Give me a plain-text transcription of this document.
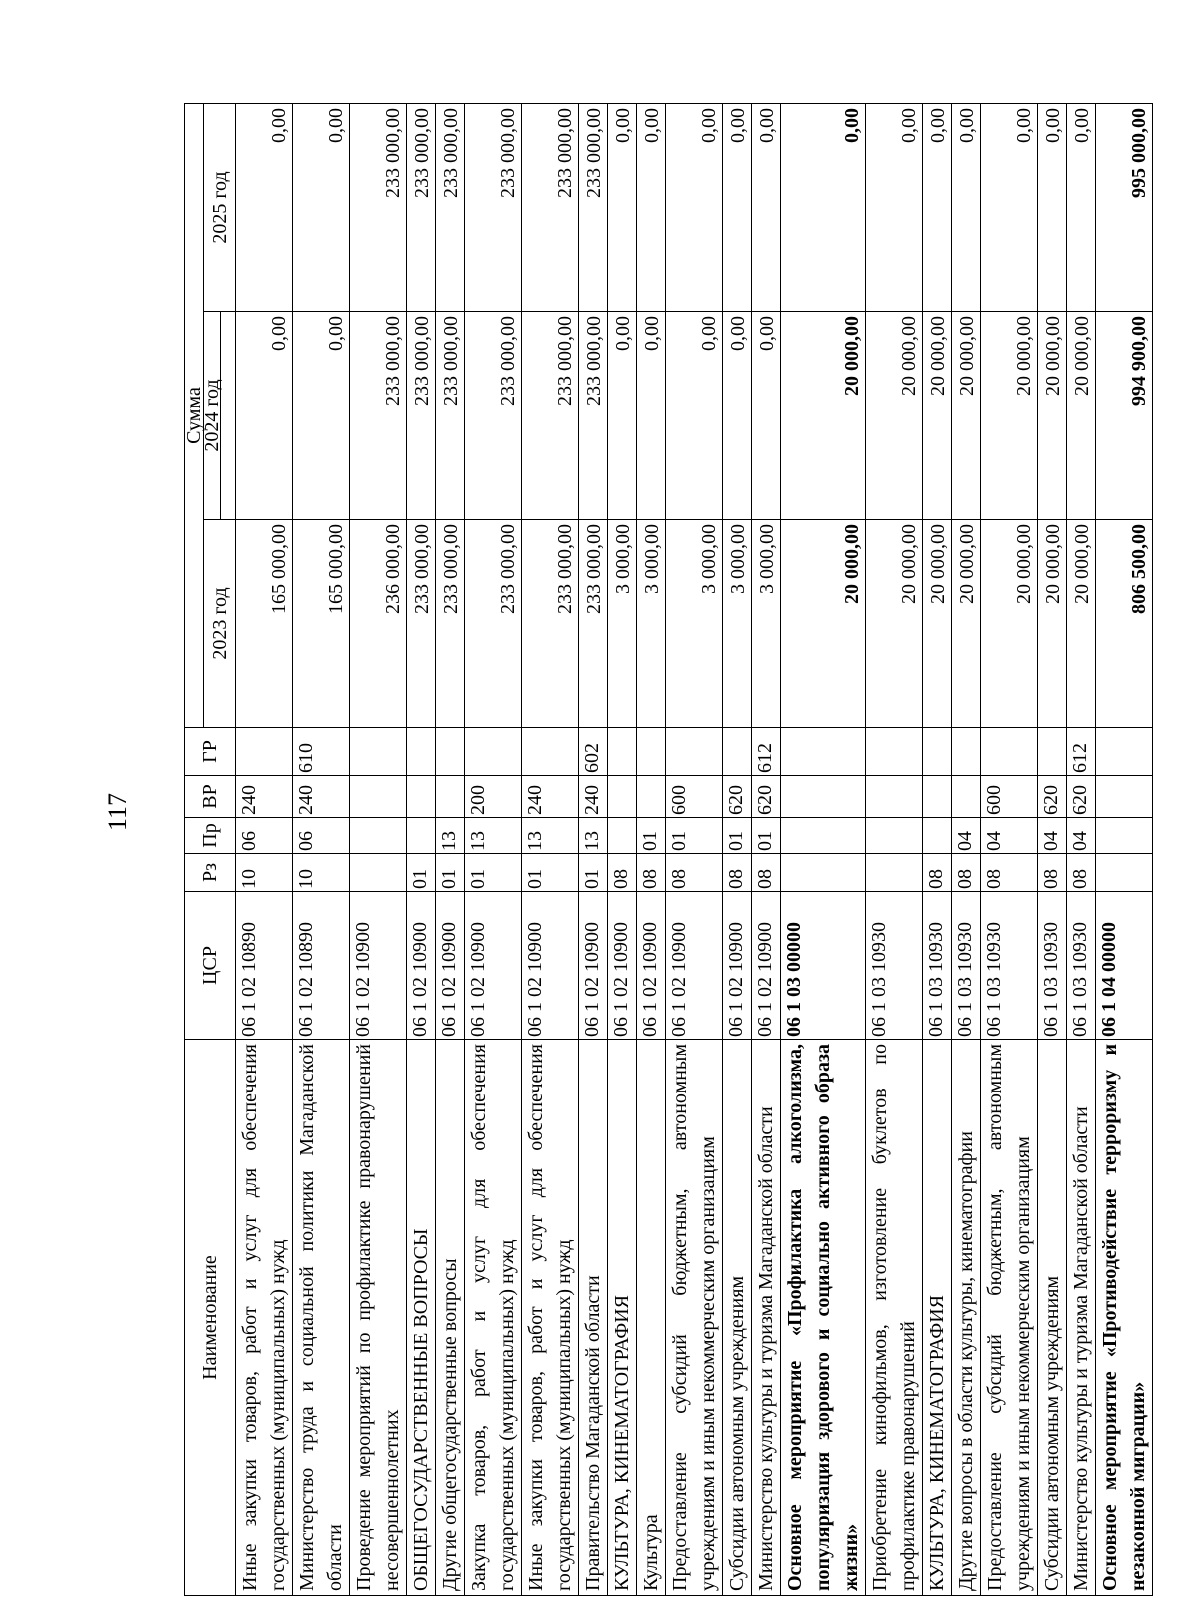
117
Наименование	ЦСР	Рз	Пр	ВР	ГР	Сумма		
						2023 год	2024 год	2025 год

Иные закупки товаров, работ и услуг для обеспечения государственных (муниципальных) нужд	06 1 02 10890	10	06	240		165 000,00	0,00	0,00
Министерство труда и социальной политики Магаданской области	06 1 02 10890	10	06	240	610	165 000,00	0,00	0,00
Проведение мероприятий по профилактике правонарушений несовершеннолетних	06 1 02 10900					236 000,00	233 000,00	233 000,00
ОБЩЕГОСУДАРСТВЕННЫЕ ВОПРОСЫ	06 1 02 10900	01				233 000,00	233 000,00	233 000,00
Другие общегосударственные вопросы	06 1 02 10900	01	13			233 000,00	233 000,00	233 000,00
Закупка товаров, работ и услуг для обеспечения государственных (муниципальных) нужд	06 1 02 10900	01	13	200		233 000,00	233 000,00	233 000,00
Иные закупки товаров, работ и услуг для обеспечения государственных (муниципальных) нужд	06 1 02 10900	01	13	240		233 000,00	233 000,00	233 000,00
Правительство Магаданской области	06 1 02 10900	01	13	240	602	233 000,00	233 000,00	233 000,00
КУЛЬТУРА, КИНЕМАТОГРАФИЯ	06 1 02 10900	08				3 000,00	0,00	0,00
Культура	06 1 02 10900	08	01			3 000,00	0,00	0,00
Предоставление субсидий бюджетным, автономным учреждениям и иным некоммерческим организациям	06 1 02 10900	08	01	600		3 000,00	0,00	0,00
Субсидии автономным учреждениям	06 1 02 10900	08	01	620		3 000,00	0,00	0,00
Министерство культуры и туризма Магаданской области	06 1 02 10900	08	01	620	612	3 000,00	0,00	0,00
Основное мероприятие «Профилактика алкоголизма, популяризация здорового и социально активного образа жизни»	06 1 03 00000					20 000,00	20 000,00	0,00
Приобретение кинофильмов, изготовление буклетов по профилактике правонарушений	06 1 03 10930					20 000,00	20 000,00	0,00
КУЛЬТУРА, КИНЕМАТОГРАФИЯ	06 1 03 10930	08				20 000,00	20 000,00	0,00
Другие вопросы в области культуры, кинематографии	06 1 03 10930	08	04			20 000,00	20 000,00	0,00
Предоставление субсидий бюджетным, автономным учреждениям и иным некоммерческим организациям	06 1 03 10930	08	04	600		20 000,00	20 000,00	0,00
Субсидии автономным учреждениям	06 1 03 10930	08	04	620		20 000,00	20 000,00	0,00
Министерство культуры и туризма Магаданской области	06 1 03 10930	08	04	620	612	20 000,00	20 000,00	0,00
Основное мероприятие «Противодействие терроризму и незаконной миграции»	06 1 04 00000					806 500,00	994 900,00	995 000,00
